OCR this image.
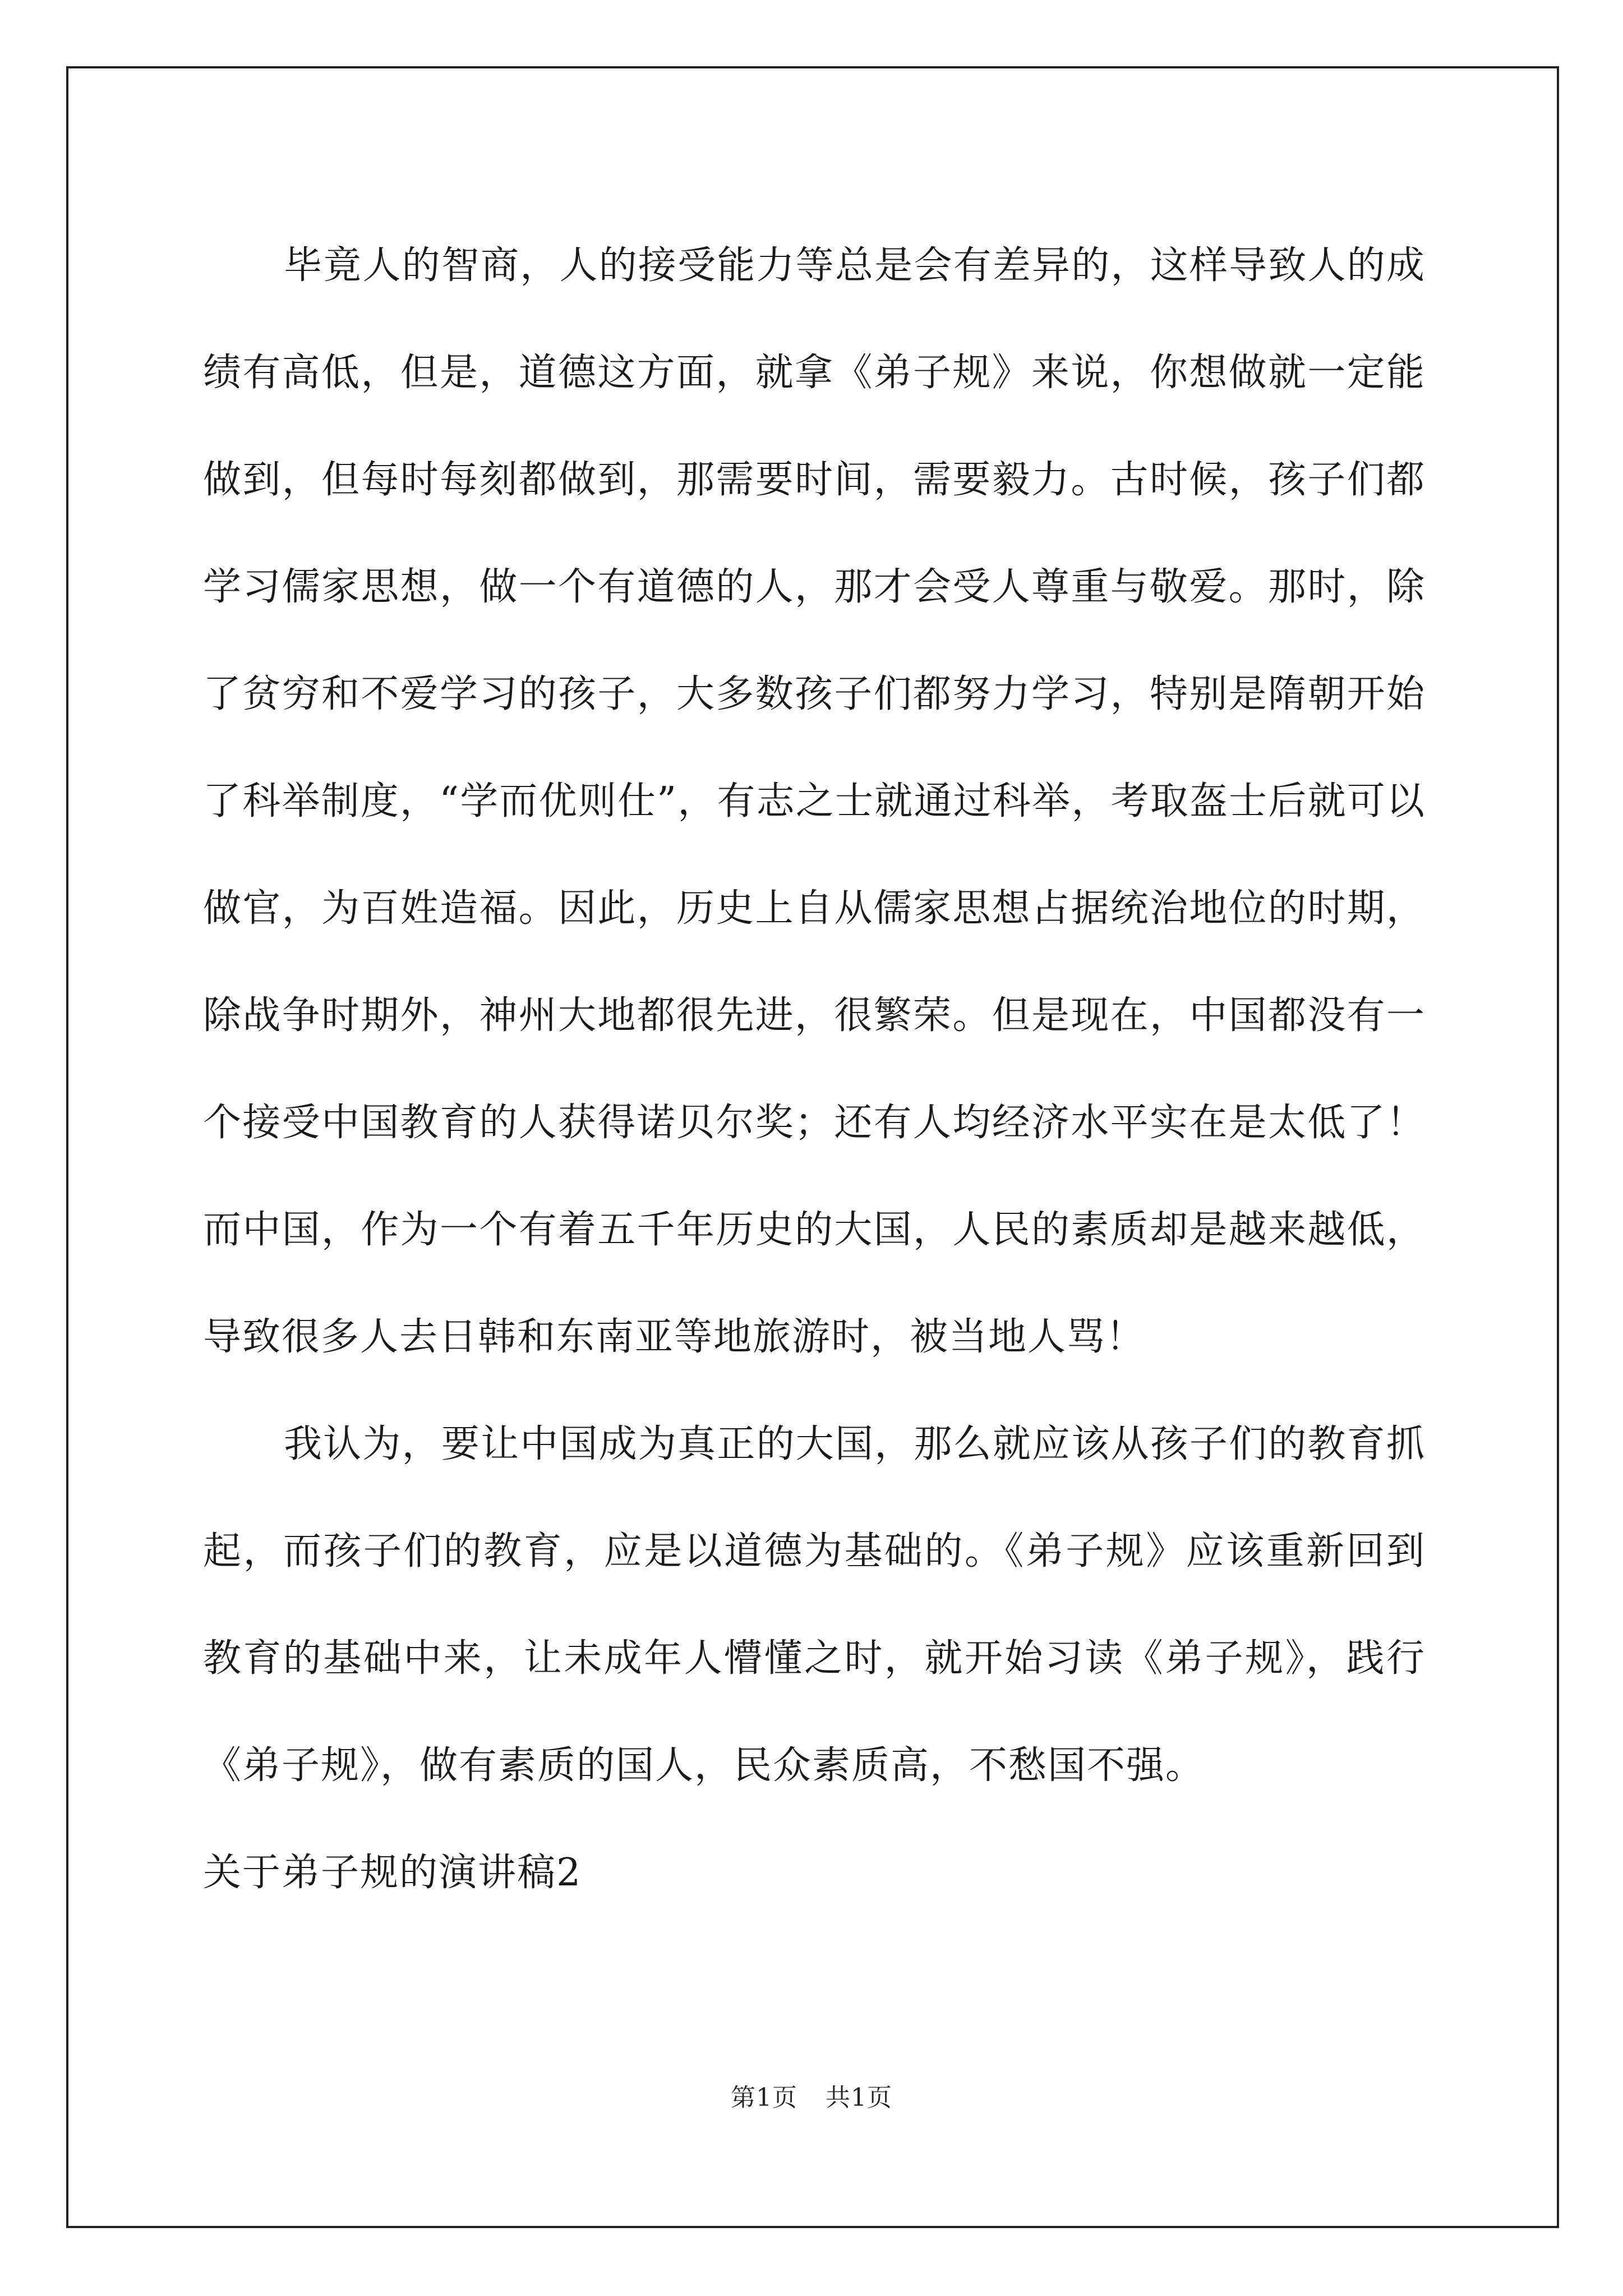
毕竟人的智商，人的接受能力等总是会有差异的，这样导致人的成绩有高低，但是，道德这方面，就拿《弟子规》来说，你想做就一定能做到，但每时每刻都做到，那需要时间，需要毅力。古时候，孩子们都学习儒家思想，做一个有道德的人，那才会受人尊重与敬爱。那时，除了贫穷和不爱学习的孩子，大多数孩子们都努力学习，特别是隋朝开始了科举制度，“学而优则仕”，有志之士就通过科举，考取盔士后就可以做官，为百姓造福。因此，历史上自从儒家思想占据统治地位的时期，除战争时期外，神州大地都很先进，很繁荣。但是现在，中国都没有一个接受中国教育的人获得诺贝尔奖；还有人均经济水平实在是太低了！而中国，作为一个有着五千年历史的大国，人民的素质却是越来越低，导致很多人去日韩和东南亚等地旅游时，被当地人骂！

我认为，要让中国成为真正的大国，那么就应该从孩子们的教育抓起，而孩子们的教育，应是以道德为基础的。《弟子规》应该重新回到教育的基础中来，让未成年人懵懂之时，就开始习读《弟子规》，践行《弟子规》，做有素质的国人，民众素质高，不愁国不强。

关于弟子规的演讲稿2

第1页 共1页
